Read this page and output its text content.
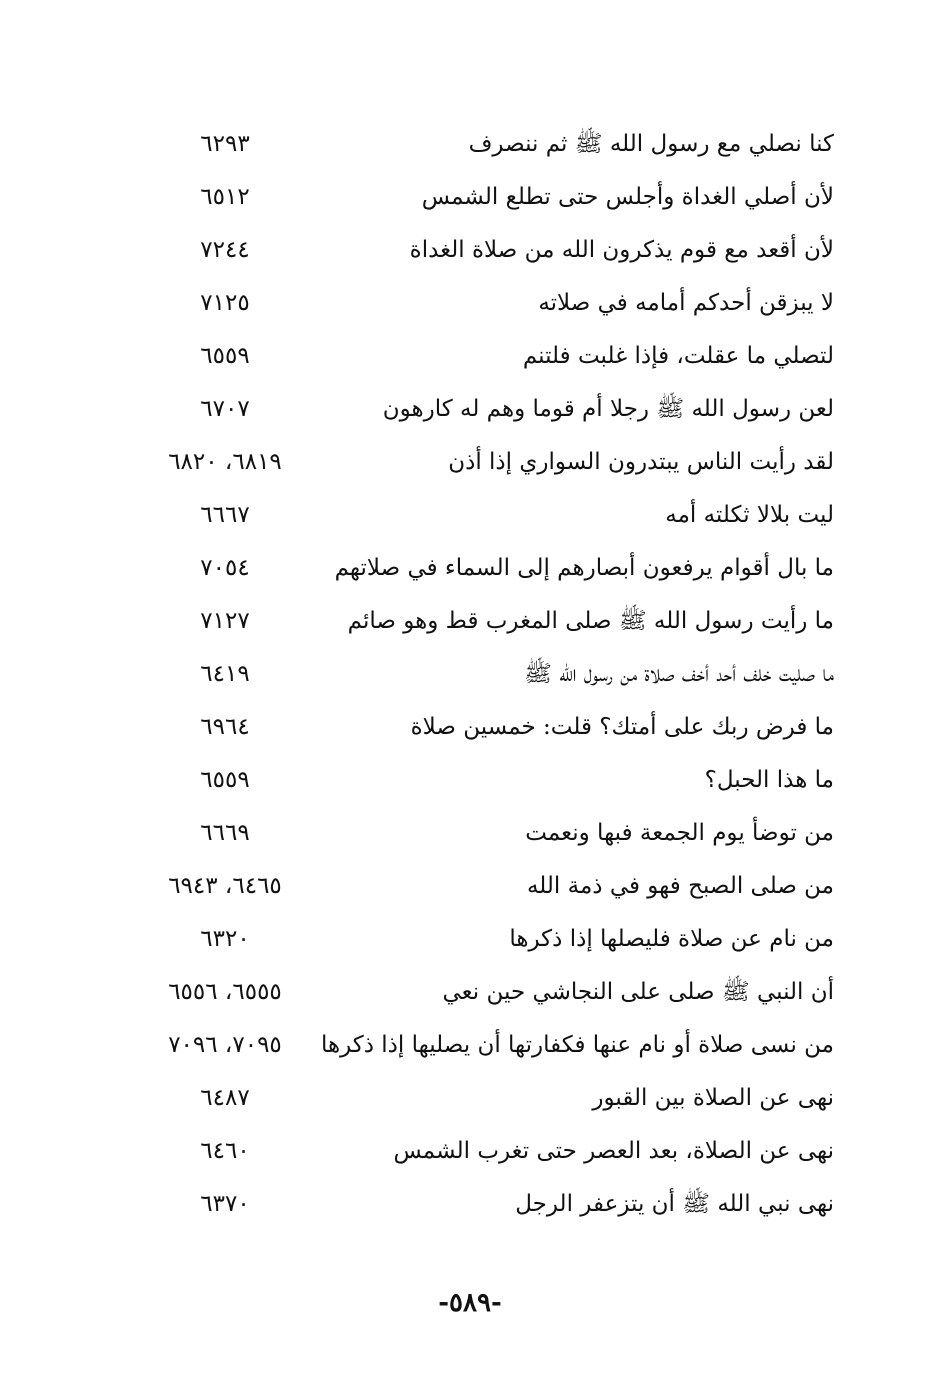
كنا نصلي مع رسول الله ﷺ ثم ننصرف
٦٢٩٣
لأن أصلي الغداة وأجلس حتى تطلع الشمس
٦٥١٢
لأن أقعد مع قوم يذكرون الله من صلاة الغداة
٧٢٤٤
لا يبزقن أحدكم أمامه في صلاته
٧١٢٥
لتصلي ما عقلت، فإذا غلبت فلتنم
٦٥٥٩
لعن رسول الله ﷺ رجلا أم قوما وهم له كارهون
٦٧٠٧
لقد رأيت الناس يبتدرون السواري إذا أذن
٦٨١٩، ٦٨٢٠
ليت بلالا ثكلته أمه
٦٦٦٧
ما بال أقوام يرفعون أبصارهم إلى السماء في صلاتهم
٧٠٥٤
ما رأيت رسول الله ﷺ صلى المغرب قط وهو صائم
٧١٢٧
ما صليت خلف أحد أخف صلاة من رسول الله ﷺ
٦٤١٩
ما فرض ربك على أمتك؟ قلت: خمسين صلاة
٦٩٦٤
ما هذا الحبل؟
٦٥٥٩
من توضأ يوم الجمعة فبها ونعمت
٦٦٦٩
من صلى الصبح فهو في ذمة الله
٦٤٦٥، ٦٩٤٣
من نام عن صلاة فليصلها إذا ذكرها
٦٣٢٠
أن النبي ﷺ صلى على النجاشي حين نعي
٦٥٥٥، ٦٥٥٦
من نسى صلاة أو نام عنها فكفارتها أن يصليها إذا ذكرها
٧٠٩٥، ٧٠٩٦
نهى عن الصلاة بين القبور
٦٤٨٧
نهى عن الصلاة، بعد العصر حتى تغرب الشمس
٦٤٦٠
نهى نبي الله ﷺ أن يتزعفر الرجل
٦٣٧٠
-٥٨٩-
